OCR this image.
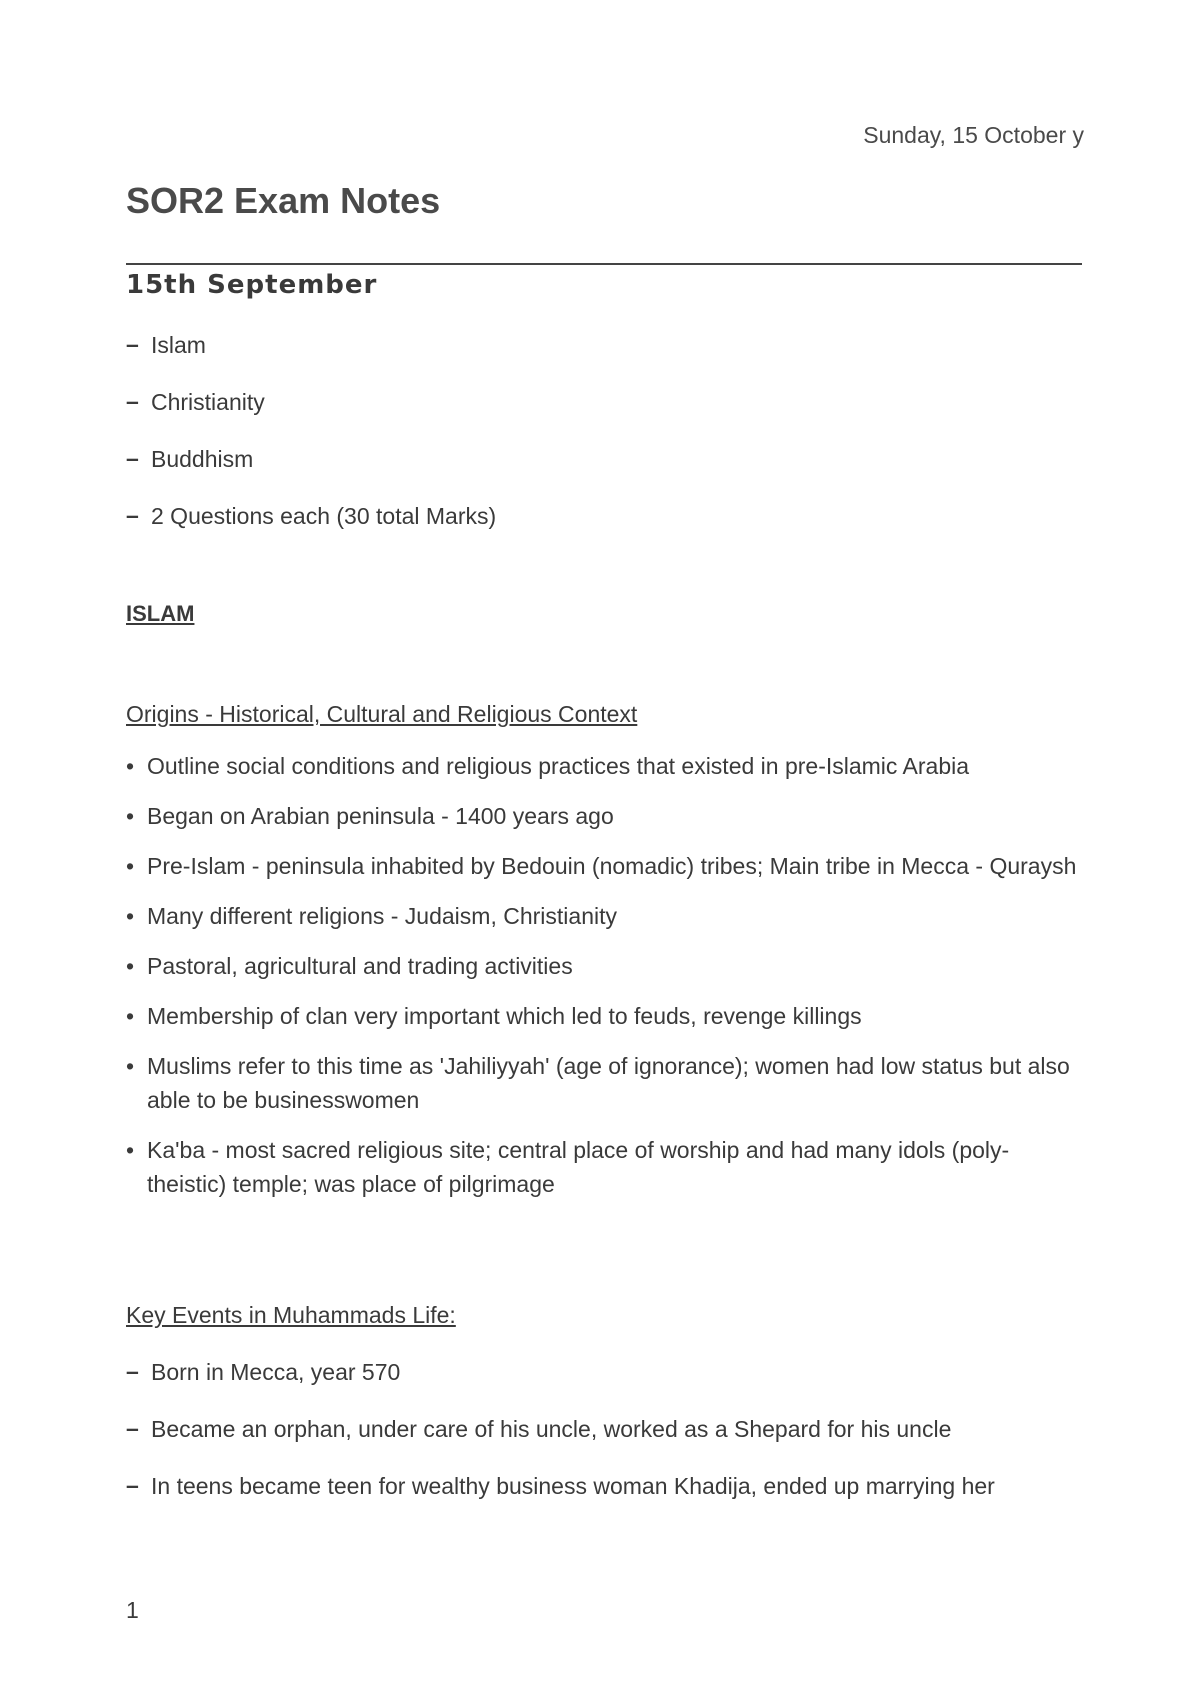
Sunday, 15 October y
SOR2 Exam Notes
15th September
– Islam
– Christianity
– Buddhism
– 2 Questions each (30 total Marks)
ISLAM
Origins - Historical, Cultural and Religious Context
• Outline social conditions and religious practices that existed in pre-Islamic Arabia
• Began on Arabian peninsula - 1400 years ago
• Pre-Islam - peninsula inhabited by Bedouin (nomadic) tribes; Main tribe in Mecca - Quraysh
• Many different religions - Judaism, Christianity
• Pastoral, agricultural and trading activities
• Membership of clan very important which led to feuds, revenge killings
• Muslims refer to this time as 'Jahiliyyah' (age of ignorance); women had low status but also able to be businesswomen
• Ka'ba - most sacred religious site; central place of worship and had many idols (poly-theistic) temple; was place of pilgrimage
Key Events in Muhammads Life:
– Born in Mecca, year 570
– Became an orphan, under care of his uncle, worked as a Shepard for his uncle
– In teens became teen for wealthy business woman Khadija, ended up marrying her
1
